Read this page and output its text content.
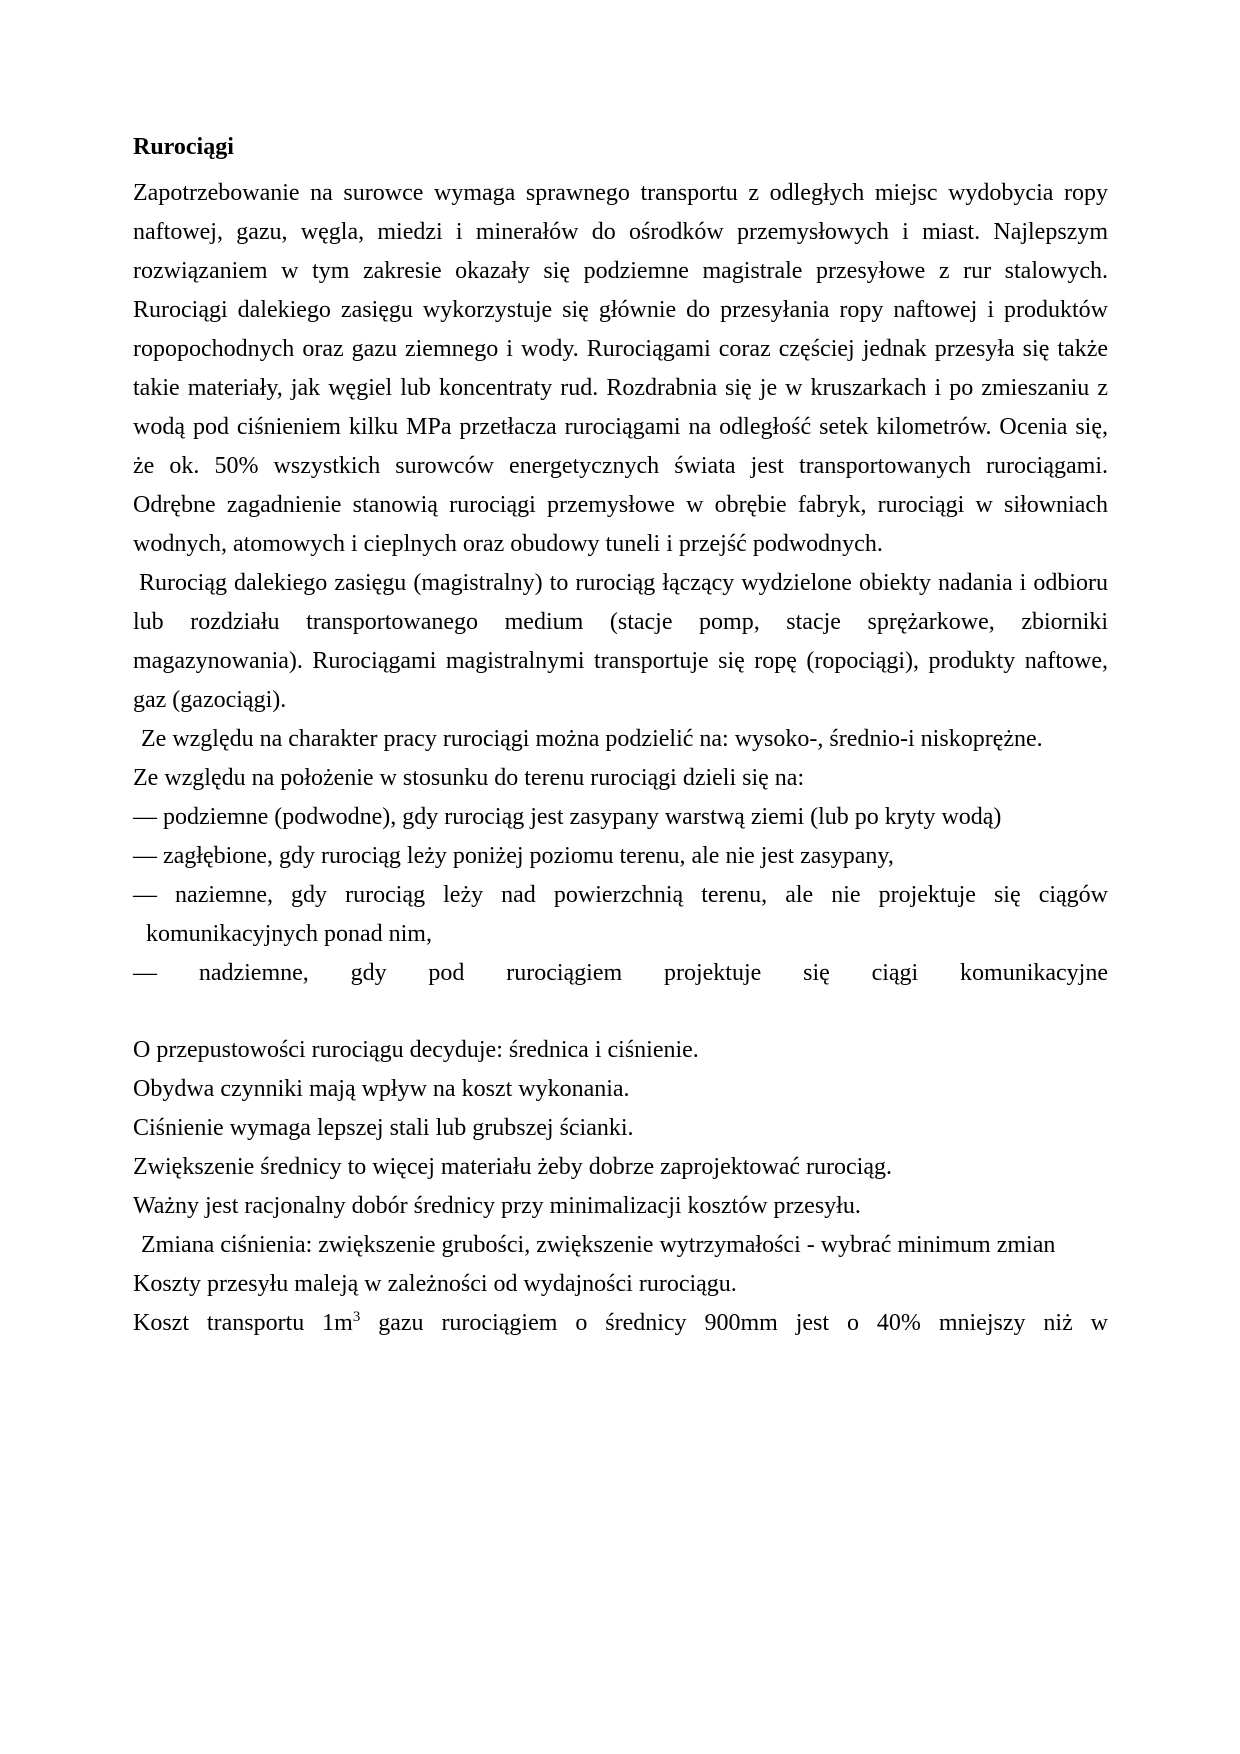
Rurociągi

Zapotrzebowanie na surowce wymaga sprawnego transportu z odległych miejsc wydobycia ropy naftowej, gazu, węgla, miedzi i minerałów do ośrodków przemysłowych i miast. Najlepszym rozwiązaniem w tym zakresie okazały się podziemne magistrale przesyłowe z rur stalowych. Rurociągi dalekiego zasięgu wykorzystuje się głównie do przesyłania ropy naftowej i produktów ropopochodnych oraz gazu ziemnego i wody. Rurociągami coraz częściej jednak przesyła się także takie materiały, jak węgiel lub koncentraty rud. Rozdrabnia się je w kruszarkach i po zmieszaniu z wodą pod ciśnieniem kilku MPa przetłacza rurociągami na odległość setek kilometrów. Ocenia się, że ok. 50% wszystkich surowców energetycznych świata jest transportowanych rurociągami. Odrębne zagadnienie stanowią rurociągi przemysłowe w obrębie fabryk, rurociągi w siłowniach wodnych, atomowych i cieplnych oraz obudowy tuneli i przejść podwodnych.

Rurociąg dalekiego zasięgu (magistralny) to rurociąg łączący wydzielone obiekty nadania i odbioru lub rozdziału transportowanego medium (stacje pomp, stacje sprężarkowe, zbiorniki magazynowania). Rurociągami magistralnymi transportuje się ropę (ropociągi), produkty naftowe, gaz (gazociągi).

Ze względu na charakter pracy rurociągi można podzielić na: wysoko-, średnio-i niskoprężne.

Ze względu na położenie w stosunku do terenu rurociągi dzieli się na:

— podziemne (podwodne), gdy rurociąg jest zasypany warstwą ziemi (lub po kryty wodą)

— zagłębione, gdy rurociąg leży poniżej poziomu terenu, ale nie jest zasypany,

— naziemne, gdy rurociąg leży nad powierzchnią terenu, ale nie projektuje się ciągów komunikacyjnych ponad nim,

— nadziemne, gdy pod rurociągiem projektuje się ciągi komunikacyjne

O przepustowości rurociągu decyduje: średnica i ciśnienie.

Obydwa czynniki mają wpływ na koszt wykonania.

Ciśnienie wymaga lepszej stali lub grubszej ścianki.

Zwiększenie średnicy to więcej materiału żeby dobrze zaprojektować rurociąg.

Ważny jest racjonalny dobór średnicy przy minimalizacji kosztów przesyłu.

Zmiana ciśnienia: zwiększenie grubości, zwiększenie wytrzymałości - wybrać minimum zmian

Koszty przesyłu maleją w zależności od wydajności rurociągu.

Koszt transportu $1m^3$ gazu rurociągiem o średnicy 900mm jest o 40% mniejszy niż w
